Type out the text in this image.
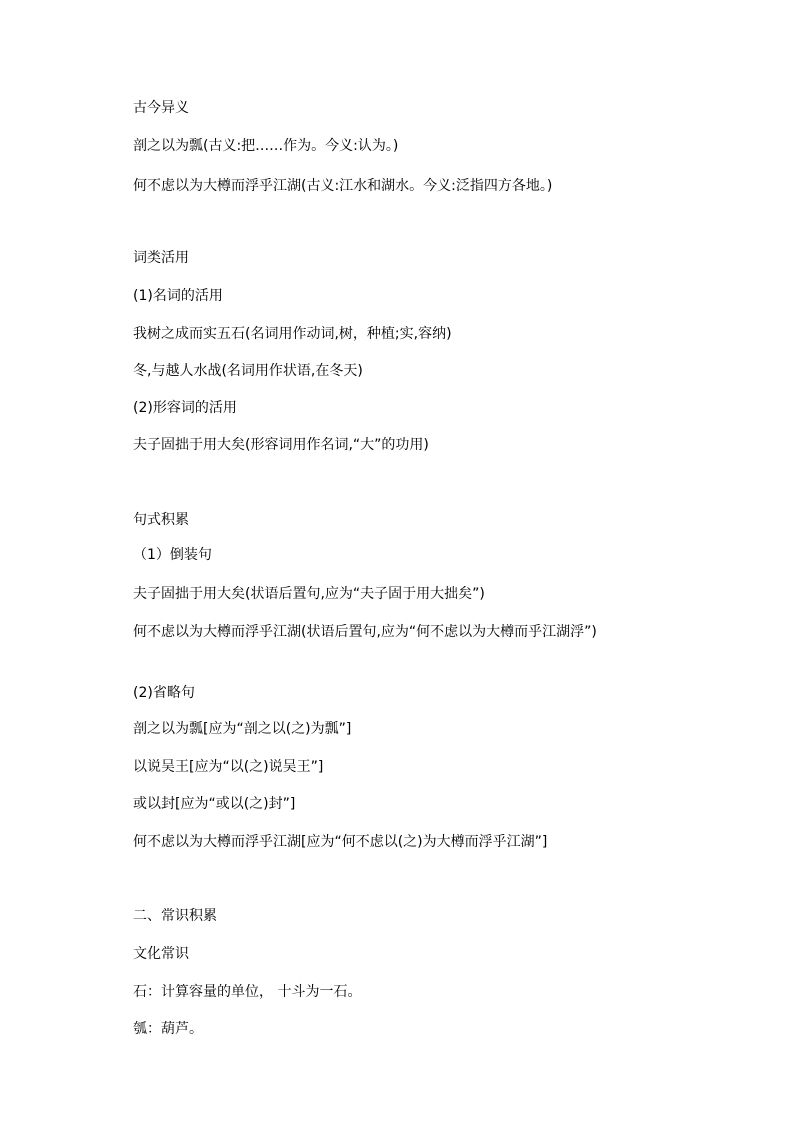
古今异义
剖之以为瓢(古义:把……作为。今义:认为。)
何不虑以为大樽而浮乎江湖(古义:江水和湖水。今义:泛指四方各地。)
词类活用
(1)名词的活用
我树之成而实五石(名词用作动词,树，种植;实,容纳)
冬,与越人水战(名词用作状语,在冬天)
(2)形容词的活用
夫子固拙于用大矣(形容词用作名词,“大”的功用)
句式积累
（1）倒装句
夫子固拙于用大矣(状语后置句,应为“夫子固于用大拙矣”)
何不虑以为大樽而浮乎江湖(状语后置句,应为“何不虑以为大樽而乎江湖浮”)
(2)省略句
剖之以为瓢[应为“剖之以(之)为瓢”]
以说吴王[应为“以(之)说吴王”]
或以封[应为“或以(之)封”]
何不虑以为大樽而浮乎江湖[应为“何不虑以(之)为大樽而浮乎江湖”]
二、常识积累
文化常识
石：计算容量的单位， 十斗为一石。
瓠：葫芦。
